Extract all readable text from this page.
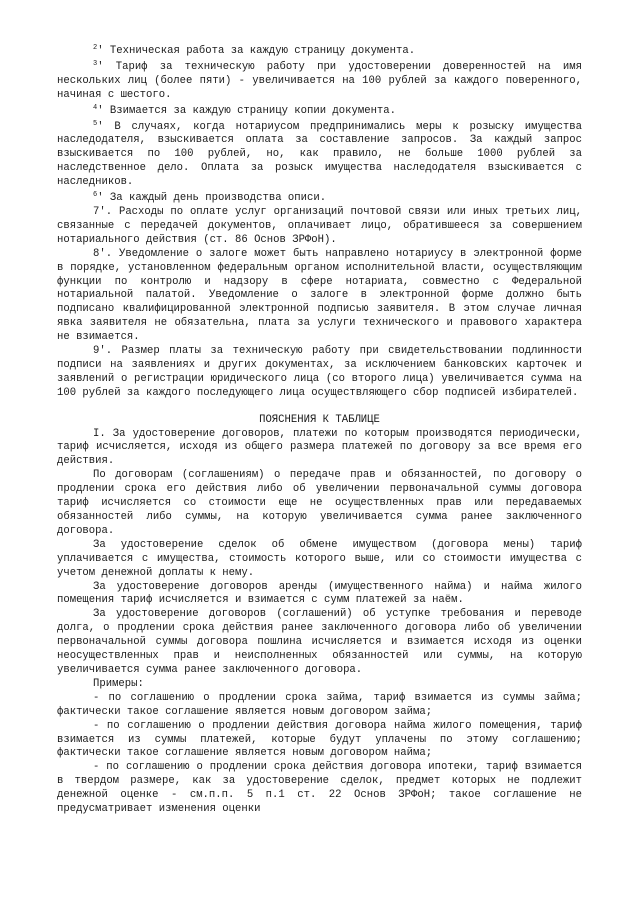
$^2$' Техническая работа за каждую страницу документа.

$^3$' Тариф за техническую работу при удостоверении доверенностей на имя нескольких лиц (более пяти) - увеличивается на 100 рублей за каждого поверенного, начиная с шестого.

$^4$' Взимается за каждую страницу копии документа.

$^5$' В случаях, когда нотариусом предпринимались меры к розыску имущества наследодателя, взыскивается оплата за составление запросов. За каждый запрос взыскивается по 100 рублей, но, как правило, не больше 1000 рублей за наследственное дело. Оплата за розыск имущества наследодателя взыскивается с наследников.

$^6$' За каждый день производства описи.

7'. Расходы по оплате услуг организаций почтовой связи или иных третьих лиц, связанные с передачей документов, оплачивает лицо, обратившееся за совершением нотариального действия (ст. 86 Основ ЗРФоН).

8'. Уведомление о залоге может быть направлено нотариусу в электронной форме в порядке, установленном федеральным органом исполнительной власти, осуществляющим функции по контролю и надзору в сфере нотариата, совместно с Федеральной нотариальной палатой. Уведомление о залоге в электронной форме должно быть подписано квалифицированной электронной подписью заявителя. В этом случае личная явка заявителя не обязательна, плата за услуги технического и правового характера не взимается.

9'. Размер платы за техническую работу при свидетельствовании подлинности подписи на заявлениях и других документах, за исключением банковских карточек и заявлений о регистрации юридического лица (со второго лица) увеличивается сумма на 100 рублей за каждого последующего лица осуществляющего сбор подписей избирателей.

ПОЯСНЕНИЯ К ТАБЛИЦЕ

I. За удостоверение договоров, платежи по которым производятся периодически, тариф исчисляется, исходя из общего размера платежей по договору за все время его действия.

По договорам (соглашениям) о передаче прав и обязанностей, по договору о продлении срока его действия либо об увеличении первоначальной суммы договора тариф исчисляется со стоимости еще не осуществленных прав или передаваемых обязанностей либо суммы, на которую увеличивается сумма ранее заключенного договора.

За удостоверение сделок об обмене имуществом (договора мены) тариф уплачивается с имущества, стоимость которого выше, или со стоимости имущества с учетом денежной доплаты к нему.

За удостоверение договоров аренды (имущественного найма) и найма жилого помещения тариф исчисляется и взимается с сумм платежей за наём.

За удостоверение договоров (соглашений) об уступке требования и переводе долга, о продлении срока действия ранее заключенного договора либо об увеличении первоначальной суммы договора пошлина исчисляется и взимается исходя из оценки неосуществленных прав и неисполненных обязанностей или суммы, на которую увеличивается сумма ранее заключенного договора.

Примеры:

- по соглашению о продлении срока займа, тариф взимается из суммы займа; фактически такое соглашение является новым договором займа;

- по соглашению о продлении действия договора найма жилого помещения, тариф взимается из суммы платежей, которые будут уплачены по этому соглашению; фактически такое соглашение является новым договором найма;

- по соглашению о продлении срока действия договора ипотеки, тариф взимается в твердом размере, как за удостоверение сделок, предмет которых не подлежит денежной оценке - см.п.п. 5 п.1 ст. 22 Основ ЗРФоН; такое соглашение не предусматривает изменения оценки
